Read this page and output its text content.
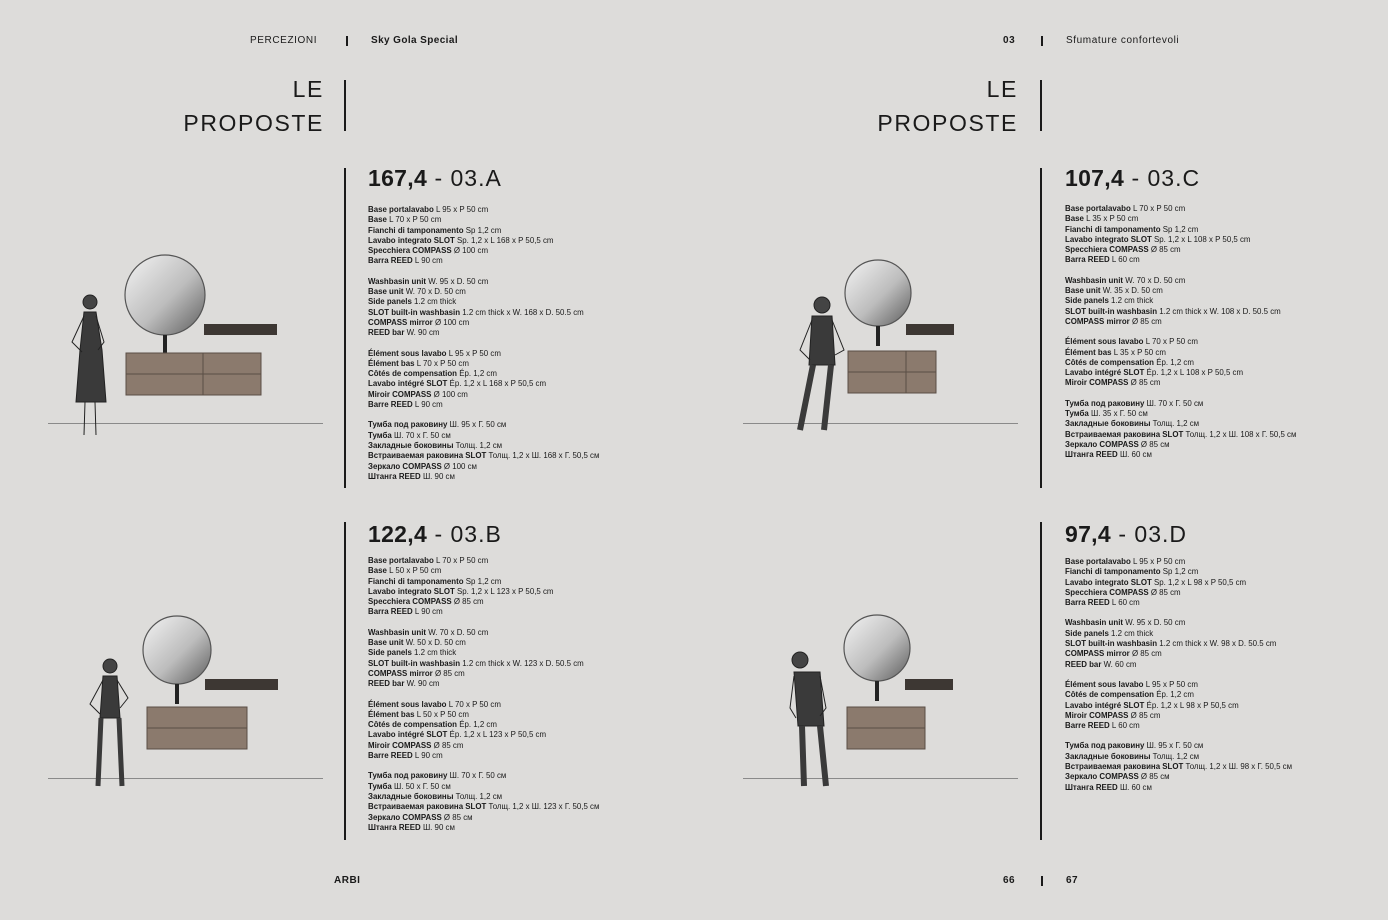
PERCEZIONI	Sky Gola Special	03	Sfumature confortevoli
LE
PROPOSTE
LE
PROPOSTE
167,4 - 03.A
Base portalavabo L 95 x P 50 cm
Base L 70 x P 50 cm
Fianchi di tamponamento Sp 1,2 cm
Lavabo integrato SLOT Sp. 1,2 x L 168 x P 50,5 cm
Specchiera COMPASS Ø 100 cm
Barra REED L 90 cm
Washbasin unit W. 95 x D. 50 cm
Base unit W. 70 x D. 50 cm
Side panels 1.2 cm thick
SLOT built-in washbasin 1.2 cm thick x W. 168 x D. 50.5 cm
COMPASS mirror Ø 100 cm
REED bar W. 90 cm
Élément sous lavabo L 95 x P 50 cm
Élément bas L 70 x P 50 cm
Côtés de compensation Ép. 1,2 cm
Lavabo intégré SLOT Ép. 1,2 x L 168 x P 50,5 cm
Miroir COMPASS Ø 100 cm
Barre REED L 90 cm
Тумба под раковину Ш. 95 x Г. 50 см
Тумба Ш. 70 x Г. 50 см
Закладные боковины Толщ. 1,2 см
Встраиваемая раковина SLOT Толщ. 1,2 x Ш. 168 x Г. 50,5 см
Зеркало COMPASS Ø 100 см
Штанга REED Ш. 90 см
122,4 - 03.B
Base portalavabo L 70 x P 50 cm
Base L 50 x P 50 cm
Fianchi di tamponamento Sp 1,2 cm
Lavabo integrato SLOT Sp. 1,2 x L 123 x P 50,5 cm
Specchiera COMPASS Ø 85 cm
Barra REED L 90 cm
Washbasin unit W. 70 x D. 50 cm
Base unit W. 50 x D. 50 cm
Side panels 1.2 cm thick
SLOT built-in washbasin 1.2 cm thick x W. 123 x D. 50.5 cm
COMPASS mirror Ø 85 cm
REED bar W. 90 cm
Élément sous lavabo L 70 x P 50 cm
Élément bas L 50 x P 50 cm
Côtés de compensation Ép. 1,2 cm
Lavabo intégré SLOT Ép. 1,2 x L 123 x P 50,5 cm
Miroir COMPASS Ø 85 cm
Barre REED L 90 cm
Тумба под раковину Ш. 70 x Г. 50 см
Тумба Ш. 50 x Г. 50 см
Закладные боковины Толщ. 1,2 см
Встраиваемая раковина SLOT Толщ. 1,2 x Ш. 123 x Г. 50,5 см
Зеркало COMPASS Ø 85 см
Штанга REED Ш. 90 см
107,4 - 03.C
Base portalavabo L 70 x P 50 cm
Base L 35 x P 50 cm
Fianchi di tamponamento Sp 1,2 cm
Lavabo integrato SLOT Sp. 1,2 x L 108 x P 50,5 cm
Specchiera COMPASS Ø 85 cm
Barra REED L 60 cm
Washbasin unit W. 70 x D. 50 cm
Base unit W. 35 x D. 50 cm
Side panels 1.2 cm thick
SLOT built-in washbasin 1.2 cm thick x W. 108 x D. 50.5 cm
COMPASS mirror Ø 85 cm
Élément sous lavabo L 70 x P 50 cm
Élément bas L 35 x P 50 cm
Côtés de compensation Ép. 1,2 cm
Lavabo intégré SLOT Ép. 1,2 x L 108 x P 50,5 cm
Miroir COMPASS Ø 85 cm
Тумба под раковину Ш. 70 x Г. 50 см
Тумба Ш. 35 x Г. 50 см
Закладные боковины Толщ. 1,2 см
Встраиваемая раковина SLOT Толщ. 1,2 x Ш. 108 x Г. 50,5 см
Зеркало COMPASS Ø 85 см
Штанга REED Ш. 60 см
97,4 - 03.D
Base portalavabo L 95 x P 50 cm
Fianchi di tamponamento Sp 1,2 cm
Lavabo integrato SLOT Sp. 1,2 x L 98 x P 50,5 cm
Specchiera COMPASS Ø 85 cm
Barra REED L 60 cm
Washbasin unit W. 95 x D. 50 cm
Side panels 1.2 cm thick
SLOT built-in washbasin 1.2 cm thick x W. 98 x D. 50.5 cm
COMPASS mirror Ø 85 cm
REED bar W. 60 cm
Élément sous lavabo L 95 x P 50 cm
Côtés de compensation Ép. 1,2 cm
Lavabo intégré SLOT Ép. 1,2 x L 98 x P 50,5 cm
Miroir COMPASS Ø 85 cm
Barre REED L 60 cm
Тумба под раковину Ш. 95 x Г. 50 см
Закладные боковины Толщ. 1,2 см
Встраиваемая раковина SLOT Толщ. 1,2 x Ш. 98 x Г. 50,5 см
Зеркало COMPASS Ø 85 см
Штанга REED Ш. 60 см
ARBI	66	67
